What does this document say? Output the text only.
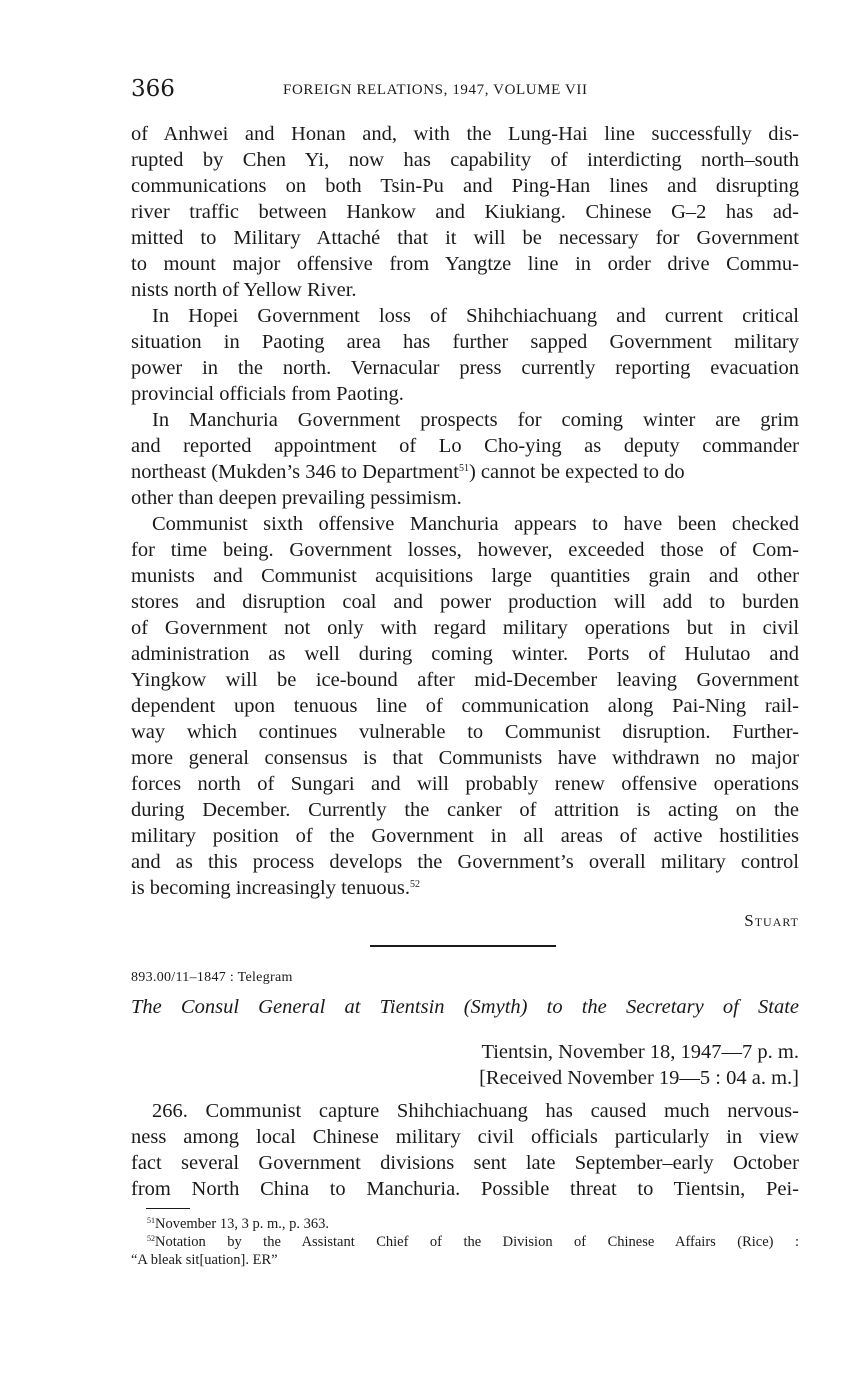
366	FOREIGN RELATIONS, 1947, VOLUME VII
of Anhwei and Honan and, with the Lung-Hai line successfully dis-
rupted by Chen Yi, now has capability of interdicting north–south
communications on both Tsin-Pu and Ping-Han lines and disrupting
river traffic between Hankow and Kiukiang. Chinese G–2 has ad-
mitted to Military Attaché that it will be necessary for Government
to mount major offensive from Yangtze line in order drive Commu-
nists north of Yellow River.
In Hopei Government loss of Shihchiachuang and current critical
situation in Paoting area has further sapped Government military
power in the north. Vernacular press currently reporting evacuation
provincial officials from Paoting.
In Manchuria Government prospects for coming winter are grim
and reported appointment of Lo Cho-ying as deputy commander
northeast (Mukden’s 346 to Department$^{51}$) cannot be expected to do
other than deepen prevailing pessimism.
Communist sixth offensive Manchuria appears to have been checked
for time being. Government losses, however, exceeded those of Com-
munists and Communist acquisitions large quantities grain and other
stores and disruption coal and power production will add to burden
of Government not only with regard military operations but in civil
administration as well during coming winter. Ports of Hulutao and
Yingkow will be ice-bound after mid-December leaving Government
dependent upon tenuous line of communication along Pai-Ning rail-
way which continues vulnerable to Communist disruption. Further-
more general consensus is that Communists have withdrawn no major
forces north of Sungari and will probably renew offensive operations
during December. Currently the canker of attrition is acting on the
military position of the Government in all areas of active hostilities
and as this process develops the Government’s overall military control
is becoming increasingly tenuous.$^{52}$
Stuart
893.00/11–1847 : Telegram
The Consul General at Tientsin (Smyth) to the Secretary of State
Tientsin, November 18, 1947—7 p. m.
[Received November 19—5 : 04 a. m.]
266. Communist capture Shihchiachuang has caused much nervous-
ness among local Chinese military civil officials particularly in view
fact several Government divisions sent late September–early October
from North China to Manchuria. Possible threat to Tientsin, Pei-
$^{51}$November 13, 3 p. m., p. 363.
$^{52}$Notation by the Assistant Chief of the Division of Chinese Affairs (Rice) :
“A bleak sit[uation]. ER”
